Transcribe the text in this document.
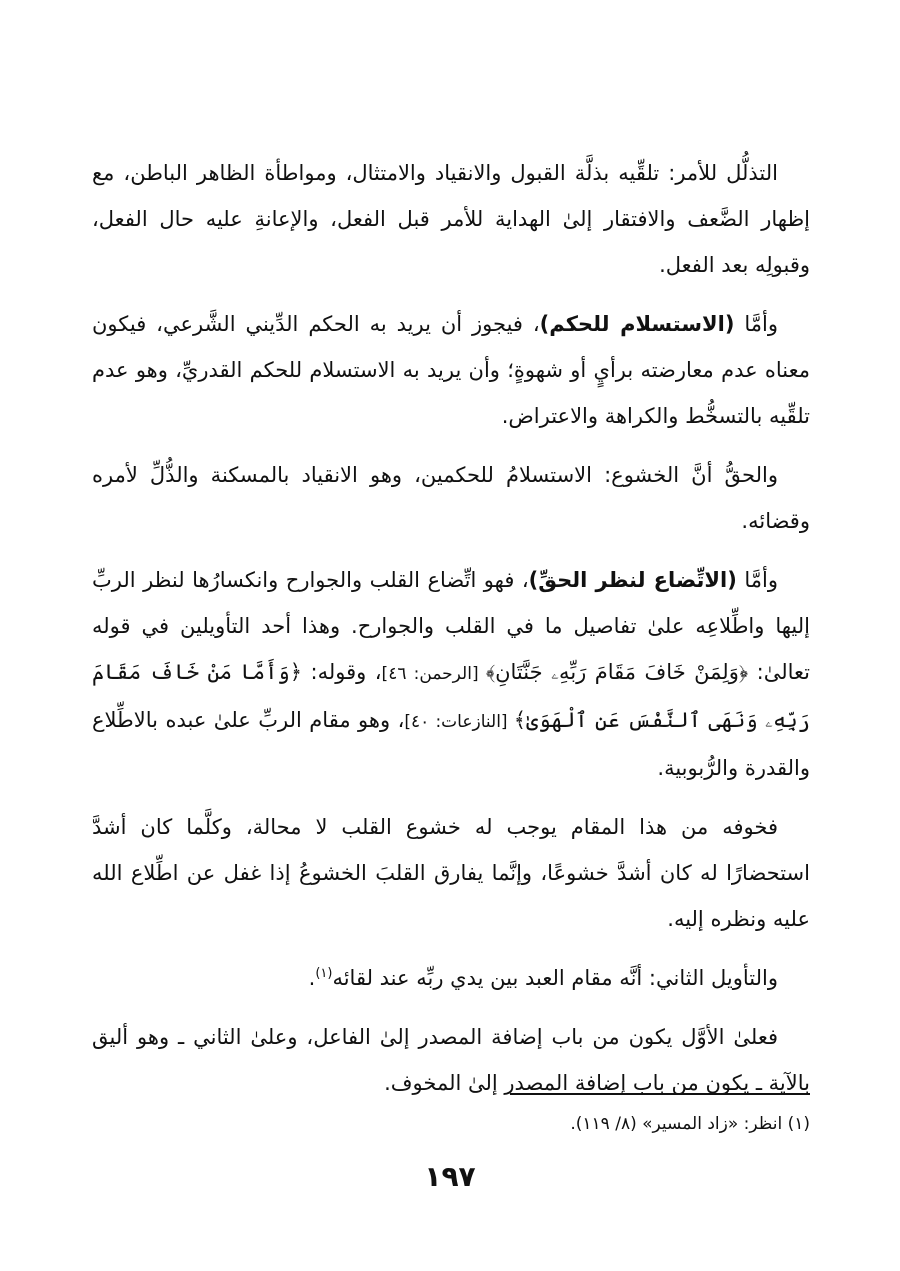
التذلُّل للأمر: تلقِّيه بذلَّة القبول والانقياد والامتثال، ومواطأة الظاهر الباطن، مع إظهار الضَّعف والافتقار إلىٰ الهداية للأمر قبل الفعل، والإعانةِ عليه حال الفعل، وقبولِه بعد الفعل.

وأمَّا (الاستسلام للحكم)، فيجوز أن يريد به الحكم الدِّيني الشَّرعي، فيكون معناه عدم معارضته برأيٍ أو شهوةٍ؛ وأن يريد به الاستسلام للحكم القدريِّ، وهو عدم تلقِّيه بالتسخُّط والكراهة والاعتراض.

والحقُّ أنَّ الخشوع: الاستسلامُ للحكمين، وهو الانقياد بالمسكنة والذُّلِّ لأمره وقضائه.

وأمَّا (الاتِّضاع لنظر الحقِّ)، فهو اتِّضاع القلب والجوارح وانكسارُها لنظر الربِّ إليها واطِّلاعِه علىٰ تفاصيل ما في القلب والجوارح. وهذا أحد التأويلين في قوله تعالىٰ: ﴿وَلِمَنْ خَافَ مَقَامَ رَبِّهِۦ جَنَّتَانِ﴾ [الرحمن: ٤٦]، وقوله: ﴿وَأَمَّا مَنْ خَافَ مَقَامَ رَبِّهِۦ وَنَهَى ٱلنَّفْسَ عَنِ ٱلْهَوَىٰ﴾ [النازعات: ٤٠]، وهو مقام الربِّ علىٰ عبده بالاطِّلاع والقدرة والرُّبوبية.

فخوفه من هذا المقام يوجب له خشوع القلب لا محالة، وكلَّما كان أشدَّ استحضارًا له كان أشدَّ خشوعًا، وإنَّما يفارق القلبَ الخشوعُ إذا غفل عن اطِّلاع الله عليه ونظره إليه.

والتأويل الثاني: أنَّه مقام العبد بين يدي ربِّه عند لقائه$^{(١)}$.

فعلىٰ الأوَّل يكون من باب إضافة المصدر إلىٰ الفاعل، وعلىٰ الثاني ـ وهو أليق بالآية ـ يكون من باب إضافة المصدر إلىٰ المخوف.

(١) انظر: «زاد المسير» (٨/ ١١٩).
١٩٧
